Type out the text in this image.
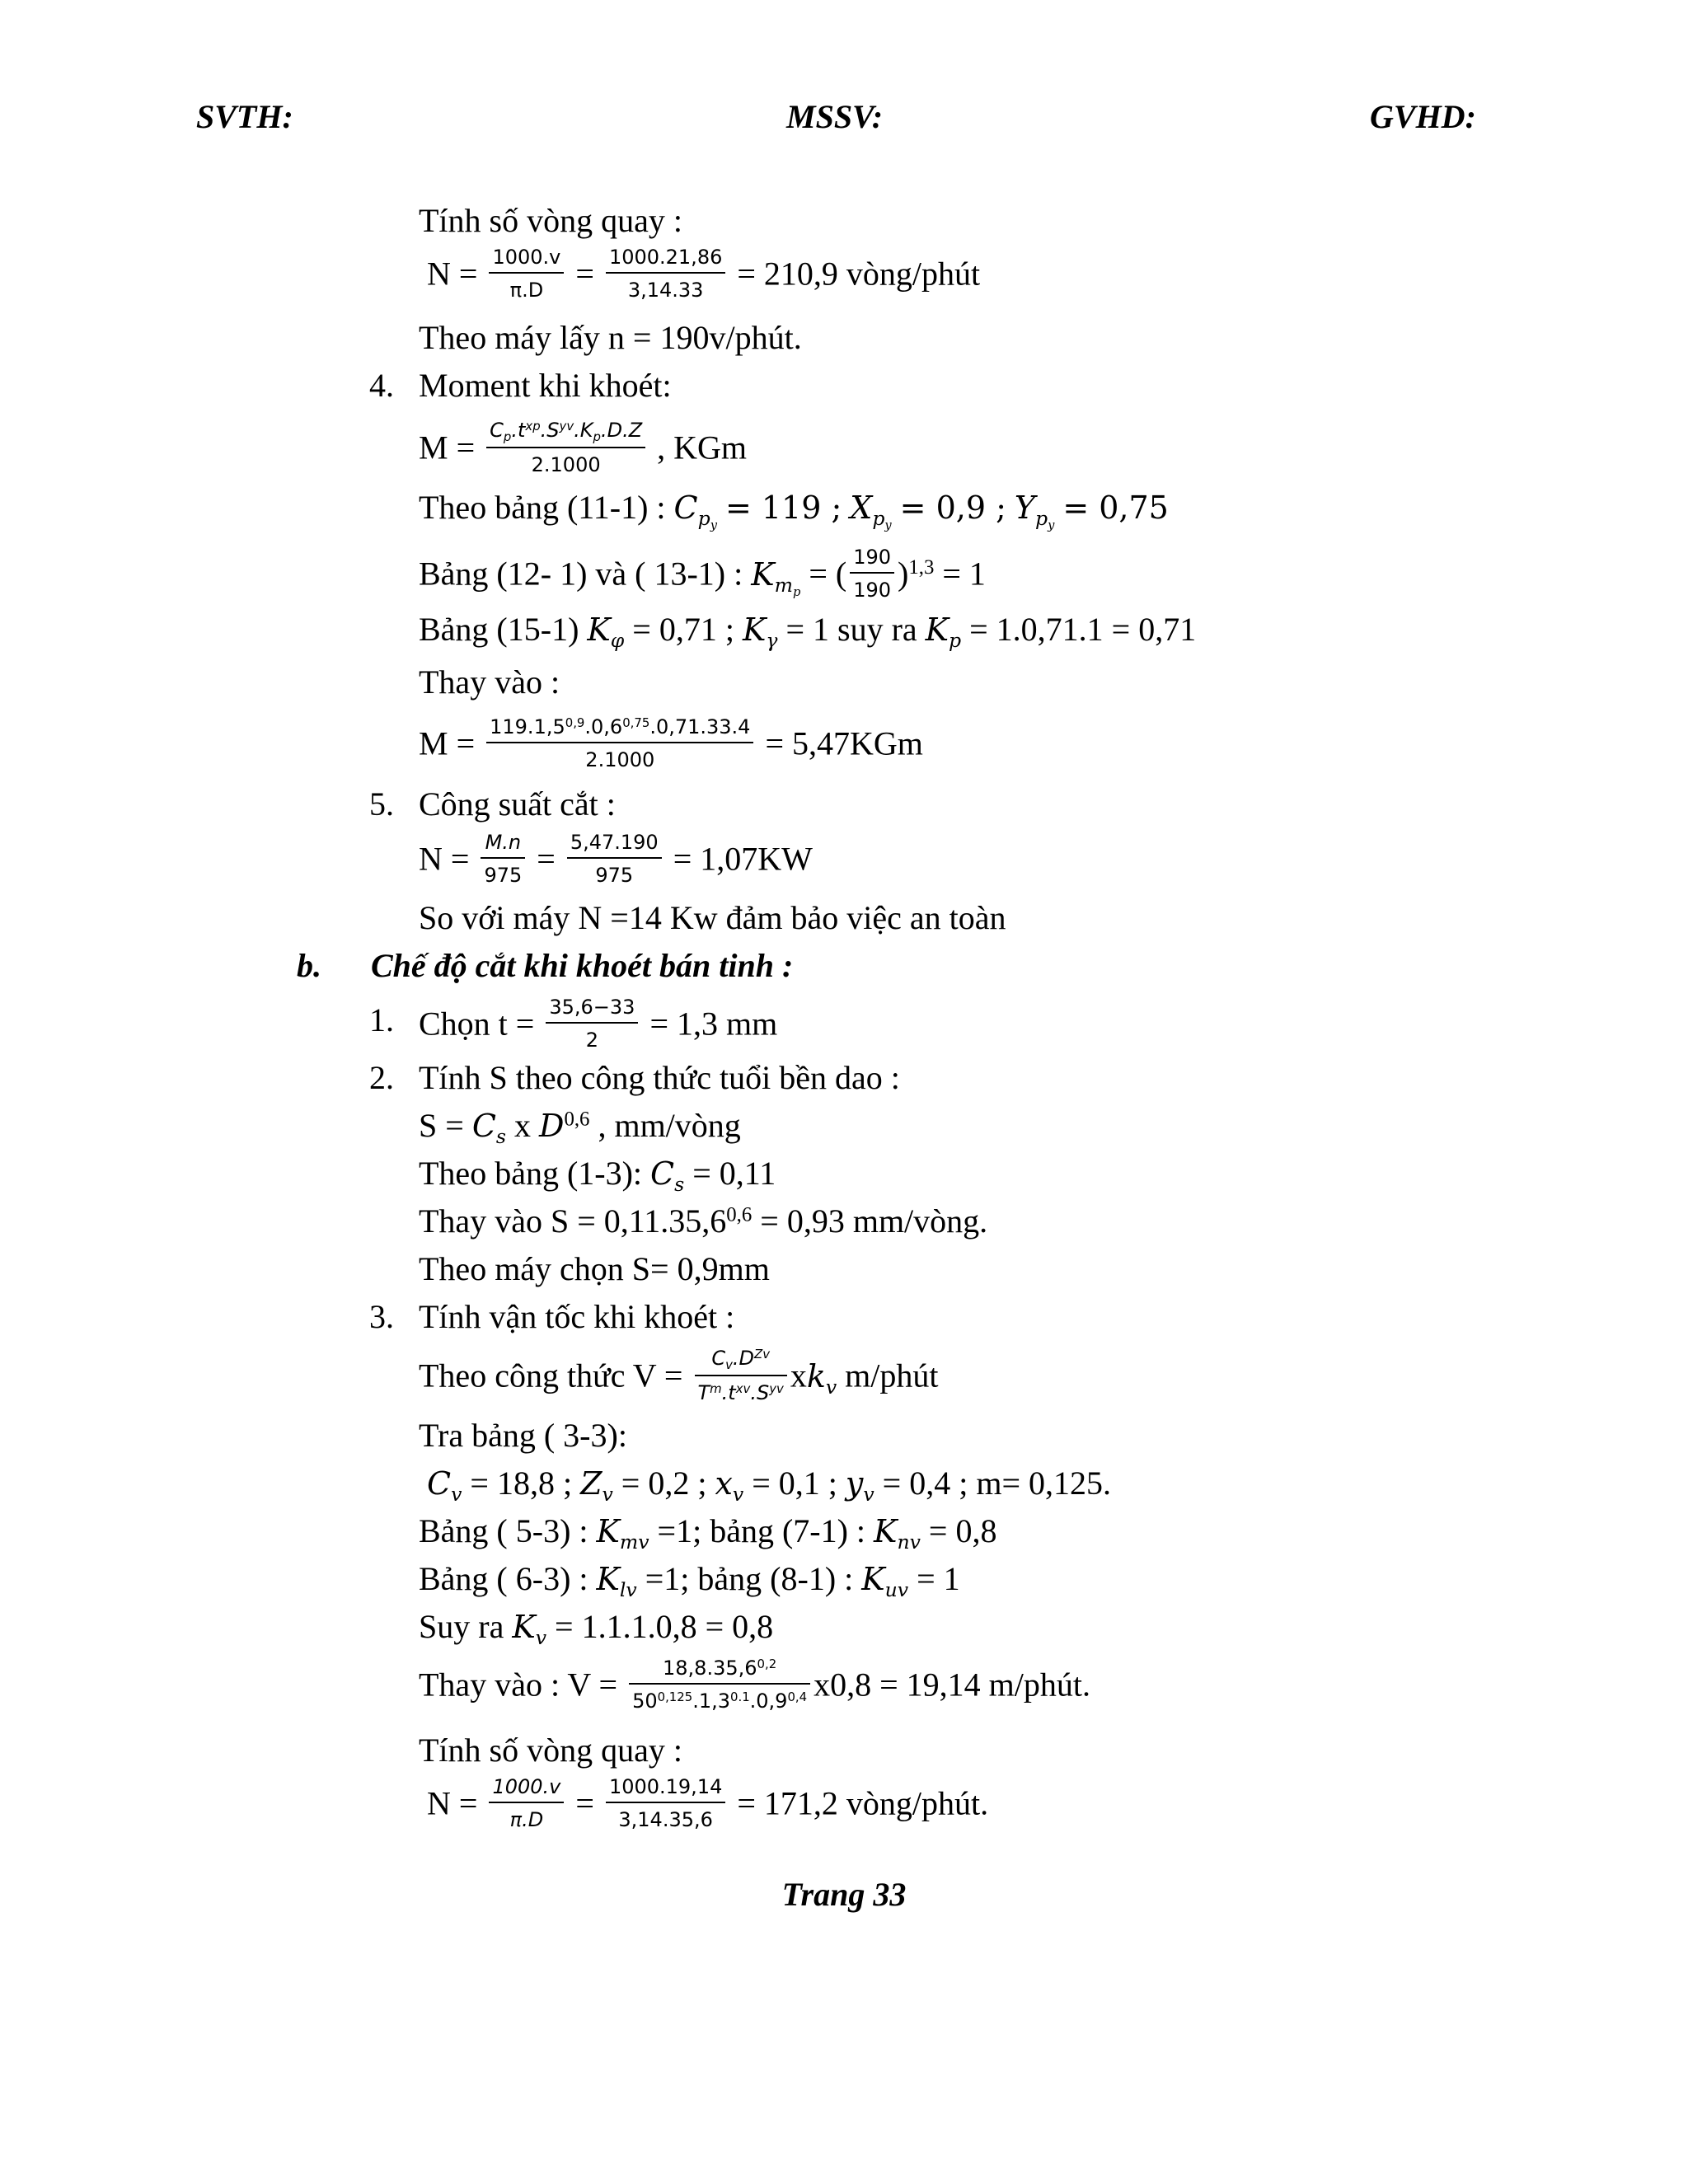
SVTH:	MSSV:	GVHD:
Tính số vòng quay :
$N = \frac{1000.v}{\pi.D} = \frac{1000.21,86}{3,14.33} = 210,9$ vòng/phút
Theo máy lấy n = 190v/phút.
4. Moment khi khoét:
$M = \frac{C_p.t^{xp}.S^{yv}.K_p.D.Z}{2.1000}$ , KGm
Theo bảng (11-1) : $C_{p_y} = 119$ ; $X_{p_y} = 0,9$ ; $Y_{p_y} = 0,75$
Bảng (12- 1) và ( 13-1) : $K_{m_p}$ = ( $\frac{190}{190} )^{1,3} = 1$
Bảng (15-1) $K_\varphi = 0,71$ ; $K_\gamma = 1$ suy ra $K_p = 1.0,71.1 = 0,71$
Thay vào :
$M = \frac{119.1,5^{0,9}.0,6^{0,75}.0,71.33.4}{2.1000} = 5,47KGm$
5. Công suất cắt :
$N = \frac{M.n}{975} = \frac{5,47.190}{975} = 1,07KW$
So với máy N =14 Kw đảm bảo việc an toàn
b. Chế độ cắt khi khoét bán tinh :
1. Chọn $t = \frac{35,6-33}{2} = 1,3$ mm
2. Tính S theo công thức tuổi bền dao :
$S = C_s$ x D$^{0,6}$ , mm/vòng
Theo bảng (1-3): $C_s = 0,11$
Thay vào $S = 0,11.35,6^{0,6} = 0,93$ mm/vòng.
Theo máy chọn S= 0,9mm
3. Tính vận tốc khi khoét :
Theo công thức $V = \frac{C_v.D^{Zv}}{T^m.t^{xv}.S^{yv}} xk_v$ m/phút
Tra bảng ( 3-3):
$C_v = 18,8$ ; $Z_v = 0,2$ ; $x_v = 0,1$ ; $y_v = 0,4$ ; m= 0,125.
Bảng ( 5-3) : $K_{mv} =1$; bảng (7-1) : $K_{nv} = 0,8$
Bảng ( 6-3) : $K_{lv} =1$; bảng (8-1) : $K_{uv} = 1$
Suy ra $K_v = 1.1.1.0,8 = 0,8$
Thay vào : $V = \frac{18,8.35,6^{0,2}}{50^{0,125}.1,3^{0.1}.0,9^{0,4}} x0,8 = 19,14$ m/phút.
Tính số vòng quay :
$N = \frac{1000.v}{\pi.D} = \frac{1000.19,14}{3,14.35,6} = 171,2$ vòng/phút.
Trang 33
